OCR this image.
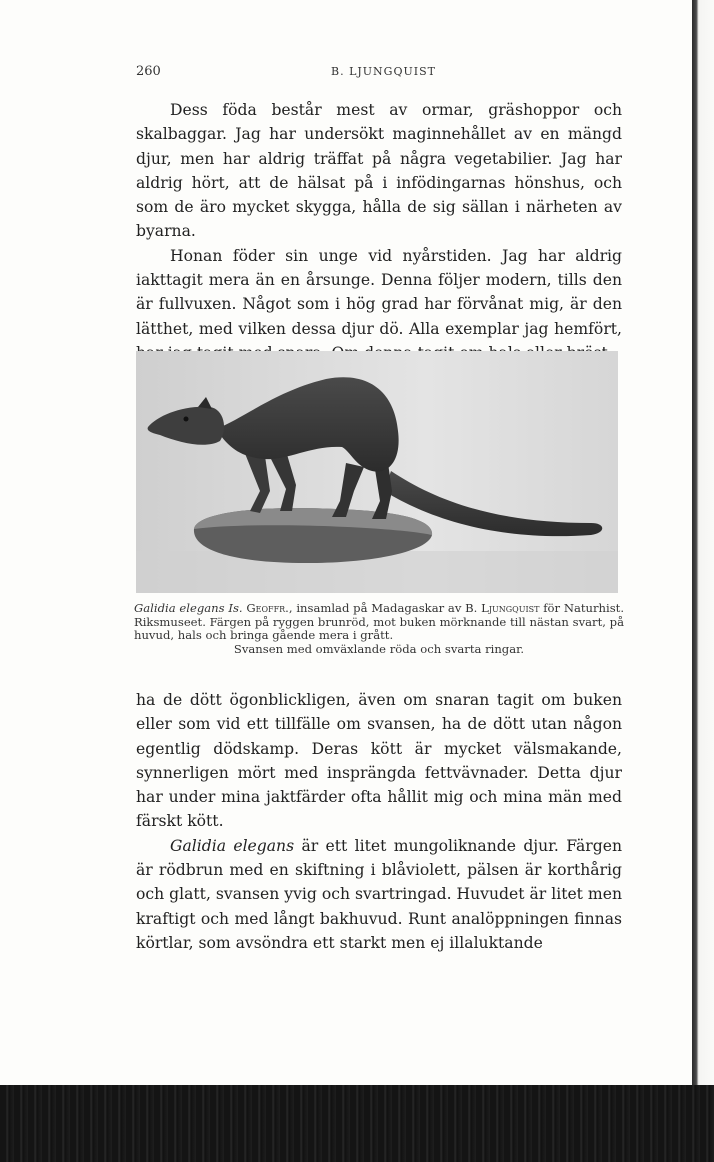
260	B. LJUNGQUIST

Dess föda består mest av ormar, gräshoppor och skalbaggar. Jag har undersökt maginnehållet av en mängd djur, men har aldrig träffat på några vegetabilier. Jag har aldrig hört, att de hälsat på i infödingarnas hönshus, och som de äro mycket skygga, hålla de sig sällan i närheten av byarna.

Honan föder sin unge vid nyårstiden. Jag har aldrig iakttagit mera än en årsunge. Denna följer modern, tills den är fullvuxen. Något som i hög grad har förvånat mig, är den lätthet, med vilken dessa djur dö. Alla exemplar jag hemfört,

Galidia elegans Is. Geoffr., insamlad på Madagaskar av B. Ljungquist för Naturhist. Riksmuseet. Färgen på ryggen brunröd, mot buken mörknande till nästan svart, på huvud, hals och bringa gående mera i grått.

Svansen med omväxlande röda och svarta ringar.

ha de dött ögonblickligen, även om snaran tagit om buken eller som vid ett tillfälle om svansen, ha de dött utan någon egentlig dödskamp. Deras kött är mycket välsmakande, synnerligen mört med insprängda fettvävnader. Detta djur har under mina jaktfärder ofta hållit mig och mina män med färskt kött.

Galidia elegans är ett litet mungoliknande djur. Färgen är rödbrun med en skiftning i blåviolett, pälsen är korthårig och glatt, svansen yvig och svartringad. Huvudet är litet men kraftigt och med långt bakhuvud. Runt analöppningen finnas körtlar, som avsöndra ett starkt men ej illaluktande
